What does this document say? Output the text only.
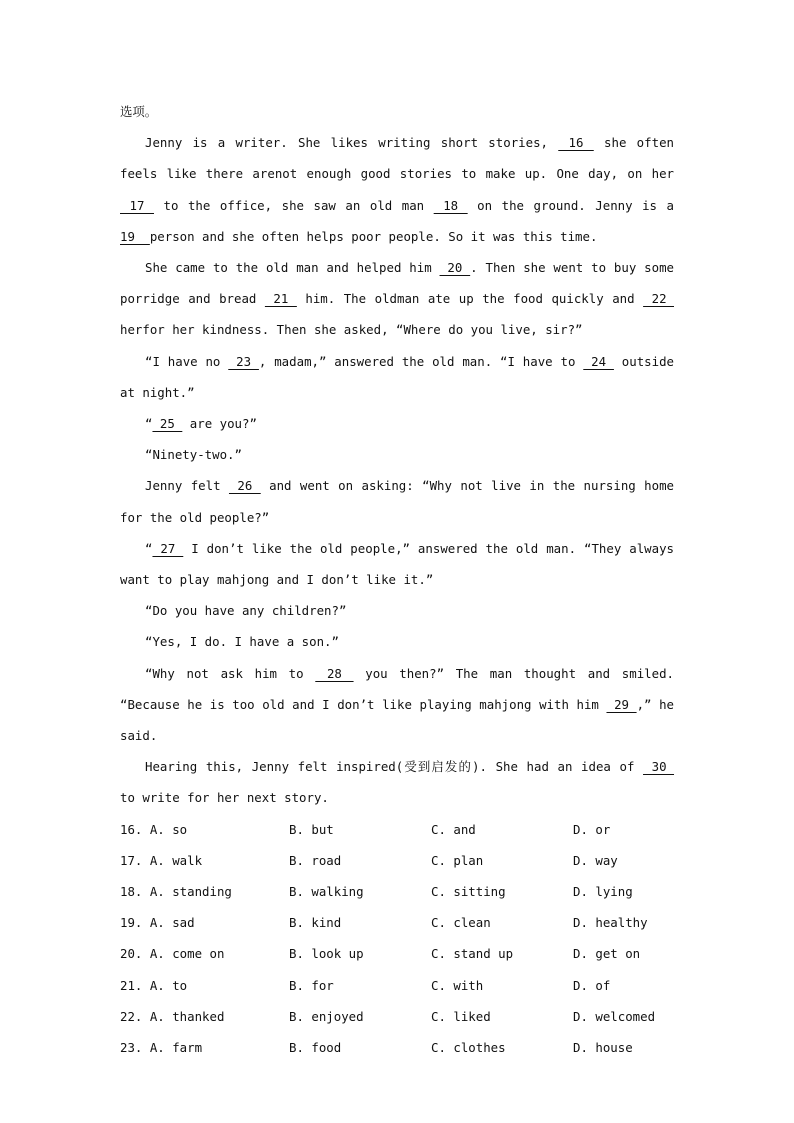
选项。

Jenny is a writer. She likes writing short stories,  16  she often feels like there arenot enough good stories to make up. One day, on her  17  to the office, she saw an old man  18  on the ground. Jenny is a 19  person and she often helps poor people. So it was this time.

She came to the old man and helped him  20 . Then she went to buy some porridge and bread  21  him. The oldman ate up the food quickly and  22  herfor her kindness. Then she asked, “Where do you live, sir?”

“I have no  23 , madam,” answered the old man. “I have to  24  outside at night.”

“ 25  are you?”

“Ninety-two.”

Jenny felt  26  and went on asking: “Why not live in the nursing home for the old people?”

“ 27  I don’t like the old people,” answered the old man. “They always want to play mahjong and I don’t like it.”

“Do you have any children?”

“Yes, I do. I have a son.”

“Why not ask him to  28  you then?” The man thought and smiled. “Because he is too old and I don’t like playing mahjong with him  29 ,” he said.

Hearing this, Jenny felt inspired(受到启发的). She had an idea of  30  to write for her next story.

16. A. so	B. but	C. and	D. or
17. A. walk	B. road	C. plan	D. way
18. A. standing	B. walking	C. sitting	D. lying
19. A. sad	B. kind	C. clean	D. healthy
20. A. come on	B. look up	C. stand up	D. get on
21. A. to	B. for	C. with	D. of
22. A. thanked	B. enjoyed	C. liked	D. welcomed
23. A. farm	B. food	C. clothes	D. house
